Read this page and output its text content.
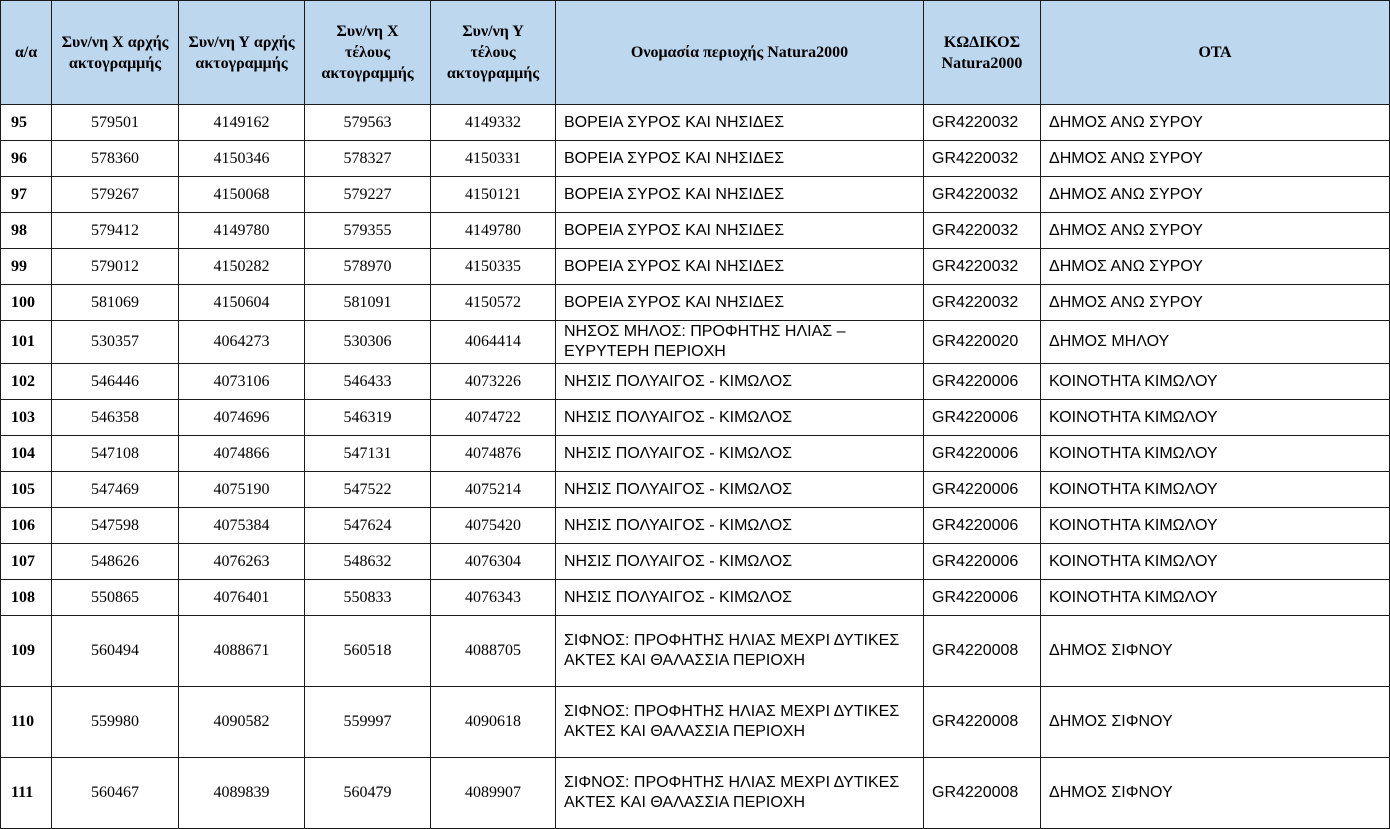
α/α	Συν/νη Χ αρχής ακτογραμμής	Συν/νη Υ αρχής ακτογραμμής	Συν/νη Χ τέλους ακτογραμμής	Συν/νη Υ τέλους ακτογραμμής	Ονομασία περιοχής Natura2000	ΚΩΔΙΚΟΣ Natura2000	ΟΤΑ
95	579501	4149162	579563	4149332	ΒΟΡΕΙΑ ΣΥΡΟΣ ΚΑΙ ΝΗΣΙΔΕΣ	GR4220032	ΔΗΜΟΣ ΑΝΩ ΣΥΡΟΥ
96	578360	4150346	578327	4150331	ΒΟΡΕΙΑ ΣΥΡΟΣ ΚΑΙ ΝΗΣΙΔΕΣ	GR4220032	ΔΗΜΟΣ ΑΝΩ ΣΥΡΟΥ
97	579267	4150068	579227	4150121	ΒΟΡΕΙΑ ΣΥΡΟΣ ΚΑΙ ΝΗΣΙΔΕΣ	GR4220032	ΔΗΜΟΣ ΑΝΩ ΣΥΡΟΥ
98	579412	4149780	579355	4149780	ΒΟΡΕΙΑ ΣΥΡΟΣ ΚΑΙ ΝΗΣΙΔΕΣ	GR4220032	ΔΗΜΟΣ ΑΝΩ ΣΥΡΟΥ
99	579012	4150282	578970	4150335	ΒΟΡΕΙΑ ΣΥΡΟΣ ΚΑΙ ΝΗΣΙΔΕΣ	GR4220032	ΔΗΜΟΣ ΑΝΩ ΣΥΡΟΥ
100	581069	4150604	581091	4150572	ΒΟΡΕΙΑ ΣΥΡΟΣ ΚΑΙ ΝΗΣΙΔΕΣ	GR4220032	ΔΗΜΟΣ ΑΝΩ ΣΥΡΟΥ
101	530357	4064273	530306	4064414	ΝΗΣΟΣ ΜΗΛΟΣ: ΠΡΟΦΗΤΗΣ ΗΛΙΑΣ – ΕΥΡΥΤΕΡΗ ΠΕΡΙΟΧΗ	GR4220020	ΔΗΜΟΣ ΜΗΛΟΥ
102	546446	4073106	546433	4073226	ΝΗΣΙΣ ΠΟΛΥΑΙΓΟΣ - ΚΙΜΩΛΟΣ	GR4220006	ΚΟΙΝΟΤΗΤΑ ΚΙΜΩΛΟΥ
103	546358	4074696	546319	4074722	ΝΗΣΙΣ ΠΟΛΥΑΙΓΟΣ - ΚΙΜΩΛΟΣ	GR4220006	ΚΟΙΝΟΤΗΤΑ ΚΙΜΩΛΟΥ
104	547108	4074866	547131	4074876	ΝΗΣΙΣ ΠΟΛΥΑΙΓΟΣ - ΚΙΜΩΛΟΣ	GR4220006	ΚΟΙΝΟΤΗΤΑ ΚΙΜΩΛΟΥ
105	547469	4075190	547522	4075214	ΝΗΣΙΣ ΠΟΛΥΑΙΓΟΣ - ΚΙΜΩΛΟΣ	GR4220006	ΚΟΙΝΟΤΗΤΑ ΚΙΜΩΛΟΥ
106	547598	4075384	547624	4075420	ΝΗΣΙΣ ΠΟΛΥΑΙΓΟΣ - ΚΙΜΩΛΟΣ	GR4220006	ΚΟΙΝΟΤΗΤΑ ΚΙΜΩΛΟΥ
107	548626	4076263	548632	4076304	ΝΗΣΙΣ ΠΟΛΥΑΙΓΟΣ - ΚΙΜΩΛΟΣ	GR4220006	ΚΟΙΝΟΤΗΤΑ ΚΙΜΩΛΟΥ
108	550865	4076401	550833	4076343	ΝΗΣΙΣ ΠΟΛΥΑΙΓΟΣ - ΚΙΜΩΛΟΣ	GR4220006	ΚΟΙΝΟΤΗΤΑ ΚΙΜΩΛΟΥ
109	560494	4088671	560518	4088705	ΣΙΦΝΟΣ: ΠΡΟΦΗΤΗΣ ΗΛΙΑΣ ΜΕΧΡΙ ΔΥΤΙΚΕΣ ΑΚΤΕΣ ΚΑΙ ΘΑΛΑΣΣΙΑ ΠΕΡΙΟΧΗ	GR4220008	ΔΗΜΟΣ ΣΙΦΝΟΥ
110	559980	4090582	559997	4090618	ΣΙΦΝΟΣ: ΠΡΟΦΗΤΗΣ ΗΛΙΑΣ ΜΕΧΡΙ ΔΥΤΙΚΕΣ ΑΚΤΕΣ ΚΑΙ ΘΑΛΑΣΣΙΑ ΠΕΡΙΟΧΗ	GR4220008	ΔΗΜΟΣ ΣΙΦΝΟΥ
111	560467	4089839	560479	4089907	ΣΙΦΝΟΣ: ΠΡΟΦΗΤΗΣ ΗΛΙΑΣ ΜΕΧΡΙ ΔΥΤΙΚΕΣ ΑΚΤΕΣ ΚΑΙ ΘΑΛΑΣΣΙΑ ΠΕΡΙΟΧΗ	GR4220008	ΔΗΜΟΣ ΣΙΦΝΟΥ
